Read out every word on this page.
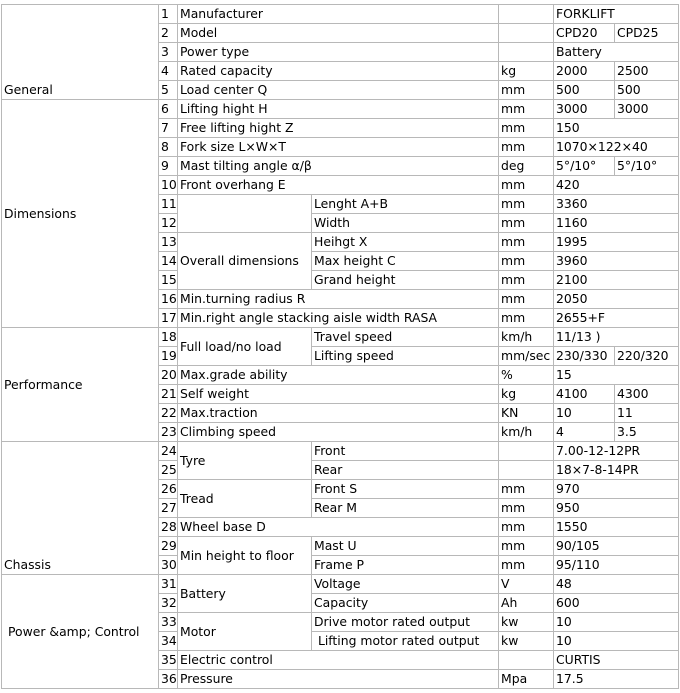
General	1	Manufacturer			FORKLIFT	
	2	Model			CPD20	CPD25
	3	Power type			Battery	
	4	Rated capacity		kg	2000	2500
	5	Load center Q		mm	500	500
Dimensions	6	Lifting hight H		mm	3000	3000
	7	Free lifting hight Z		mm	150	
	8	Fork size L×W×T		mm	1070×122×40	
	9	Mast tilting angle α/β		deg	5°/10°	5°/10°
	10	Front overhang E		mm	420	
	11		Lenght A+B	mm	3360	
	12		Width	mm	1160	
	13	Overall dimensions	Heihgt X	mm	1995	
	14		Max height C	mm	3960	
	15		Grand height	mm	2100	
	16	Min.turning radius R		mm	2050	
	17	Min.right angle stacking aisle width RASA		mm	2655+F	
Performance	18	Full load/no load	Travel speed	km/h	11/13 )	
	19		Lifting speed	mm/sec	230/330	220/320
	20	Max.grade ability		%	15	
	21	Self weight		kg	4100	4300
	22	Max.traction		KN	10	11
	23	Climbing speed		km/h	4	3.5
Chassis	24	Tyre	Front		7.00-12-12PR	
	25		Rear		18×7-8-14PR	
	26	Tread	Front S	mm	970	
	27		Rear M	mm	950	
	28	Wheel base D		mm	1550	
	29	Min height to floor	Mast U	mm	90/105	
	30		Frame P	mm	95/110	
Power &amp; Control	31	Battery	Voltage	V	48	
	32		Capacity	Ah	600	
	33	Motor	Drive motor rated output	kw	10	
	34		Lifting motor rated output	kw	10	
	35	Electric control			CURTIS	
	36	Pressure		Mpa	17.5	
